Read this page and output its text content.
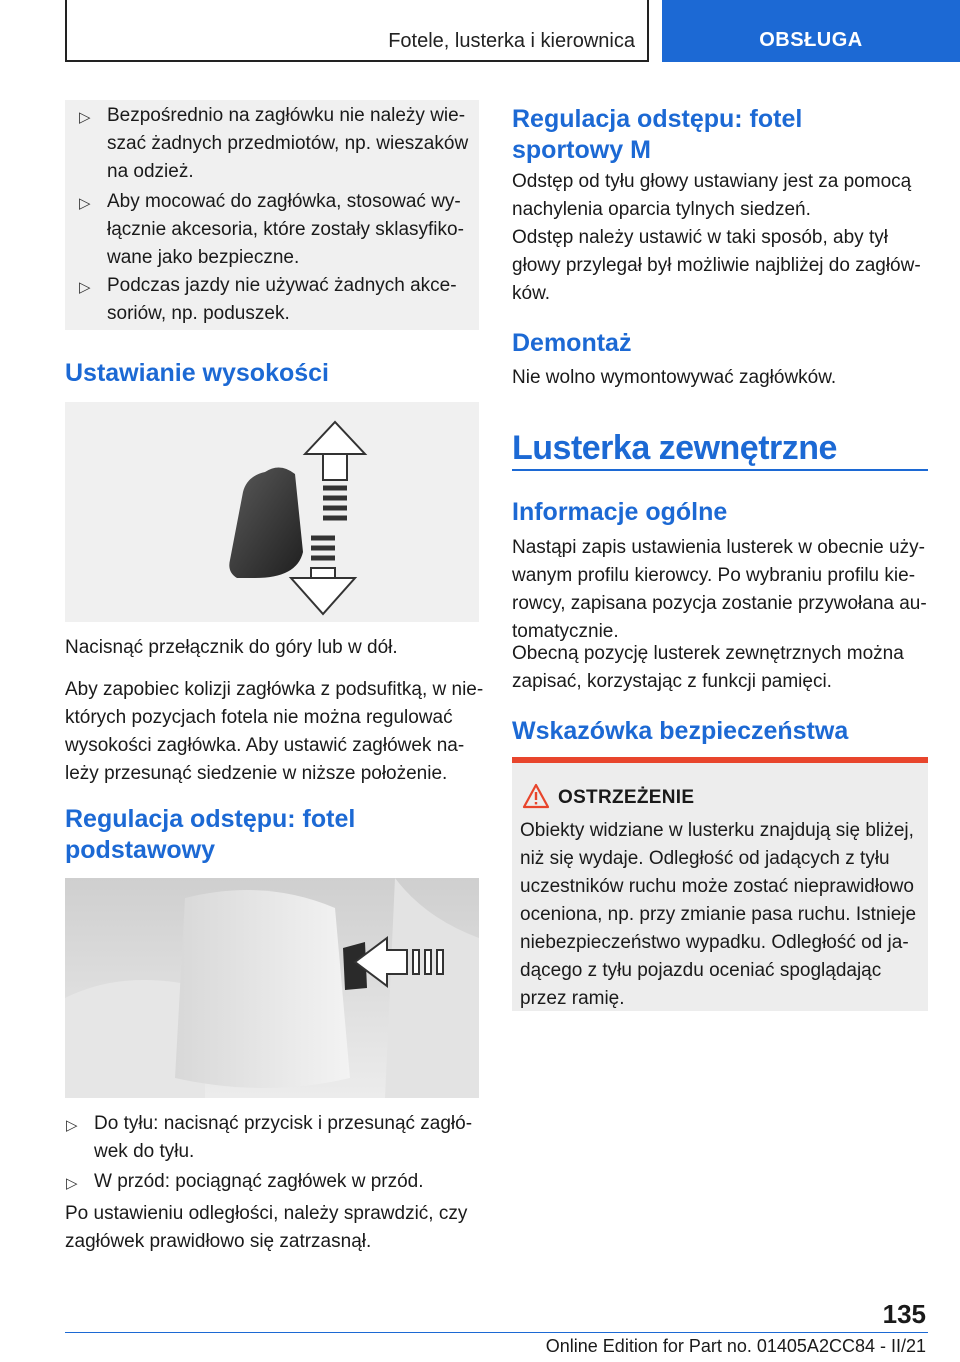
Fotele, lusterka i kierownica	OBSŁUGA
▷ Bezpośrednio na zagłówku nie należy wie-
szać żadnych przedmiotów, np. wieszaków
na odzież.
▷ Aby mocować do zagłówka, stosować wy-
łącznie akcesoria, które zostały sklasyfiko-
wane jako bezpieczne.
▷ Podczas jazdy nie używać żadnych akce-
soriów, np. poduszek.
Ustawianie wysokości
Nacisnąć przełącznik do góry lub w dół.
Aby zapobiec kolizji zagłówka z podsufitką, w nie-
których pozycjach fotela nie można regulować
wysokości zagłówka. Aby ustawić zagłówek na-
leży przesunąć siedzenie w niższe położenie.
Regulacja odstępu: fotel
podstawowy
▷ Do tyłu: nacisnąć przycisk i przesunąć zagłó-
wek do tyłu.
▷ W przód: pociągnąć zagłówek w przód.
Po ustawieniu odległości, należy sprawdzić, czy
zagłówek prawidłowo się zatrzasnął.
Regulacja odstępu: fotel
sportowy M
Odstęp od tyłu głowy ustawiany jest za pomocą
nachylenia oparcia tylnych siedzeń.
Odstęp należy ustawić w taki sposób, aby tył
głowy przylegał był możliwie najbliżej do zagłów-
ków.
Demontaż
Nie wolno wymontowywać zagłówków.
Lusterka zewnętrzne
Informacje ogólne
Nastąpi zapis ustawienia lusterek w obecnie uży-
wanym profilu kierowcy. Po wybraniu profilu kie-
rowcy, zapisana pozycja zostanie przywołana au-
tomatycznie.
Obecną pozycję lusterek zewnętrznych można
zapisać, korzystając z funkcji pamięci.
Wskazówka bezpieczeństwa
OSTRZEŻENIE
Obiekty widziane w lusterku znajdują się bliżej,
niż się wydaje. Odległość od jadących z tyłu
uczestników ruchu może zostać nieprawidłowo
oceniona, np. przy zmianie pasa ruchu. Istnieje
niebezpieczeństwo wypadku. Odległość od ja-
dącego z tyłu pojazdu oceniać spoglądając
przez ramię.
135
Online Edition for Part no. 01405A2CC84 - II/21
